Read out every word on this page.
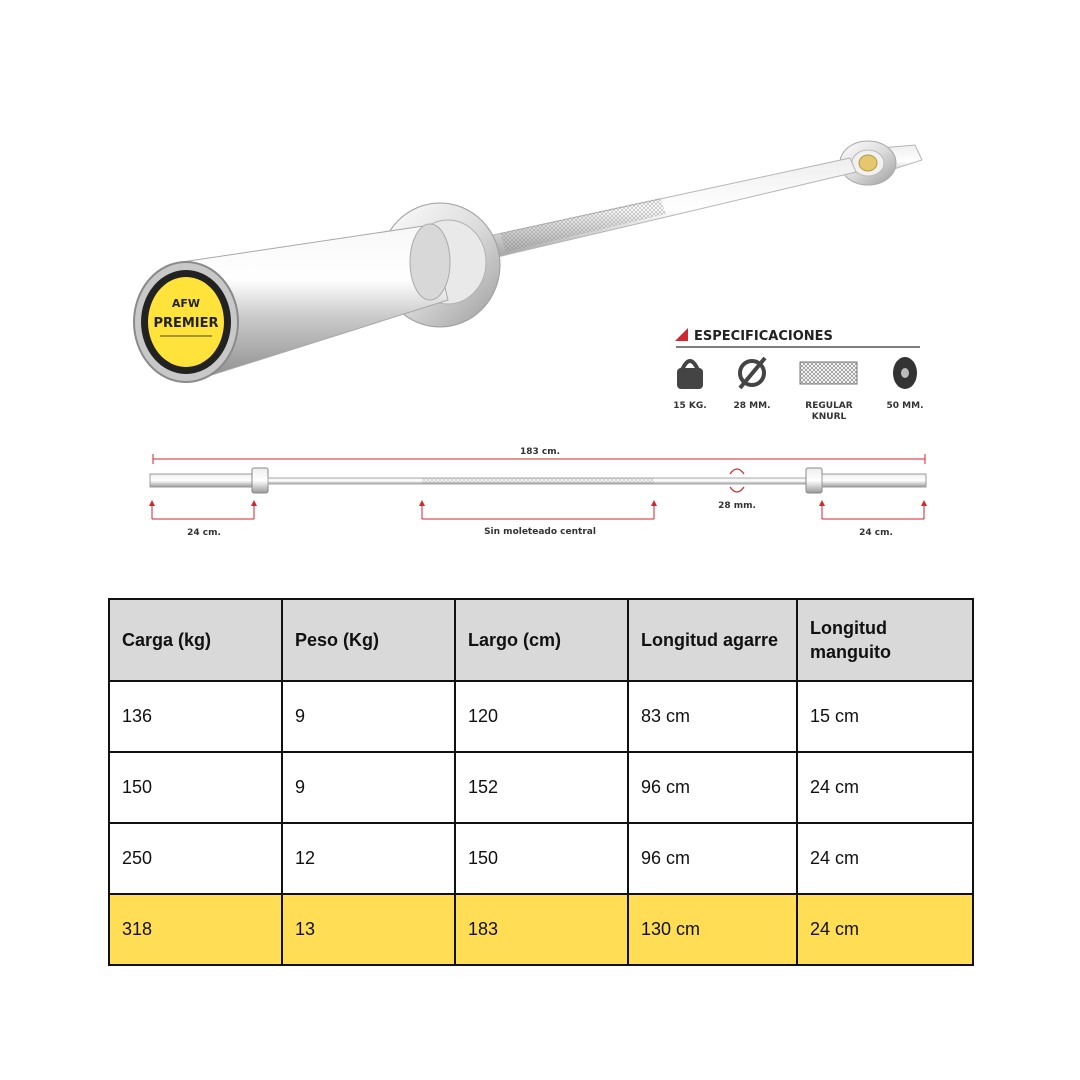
AFW
PREMIER
ESPECIFICACIONES
15 KG.	28 MM.	REGULAR
KNURL
50 MM.
183 cm.
28 mm.
24 cm.	Sin moleteado central	24 cm.
Carga (kg)	Peso (Kg)	Largo (cm)	Longitud agarre	Longitud manguito
136	9	120	83 cm	15 cm
150	9	152	96 cm	24 cm
250	12	150	96 cm	24 cm
318	13	183	130 cm	24 cm
